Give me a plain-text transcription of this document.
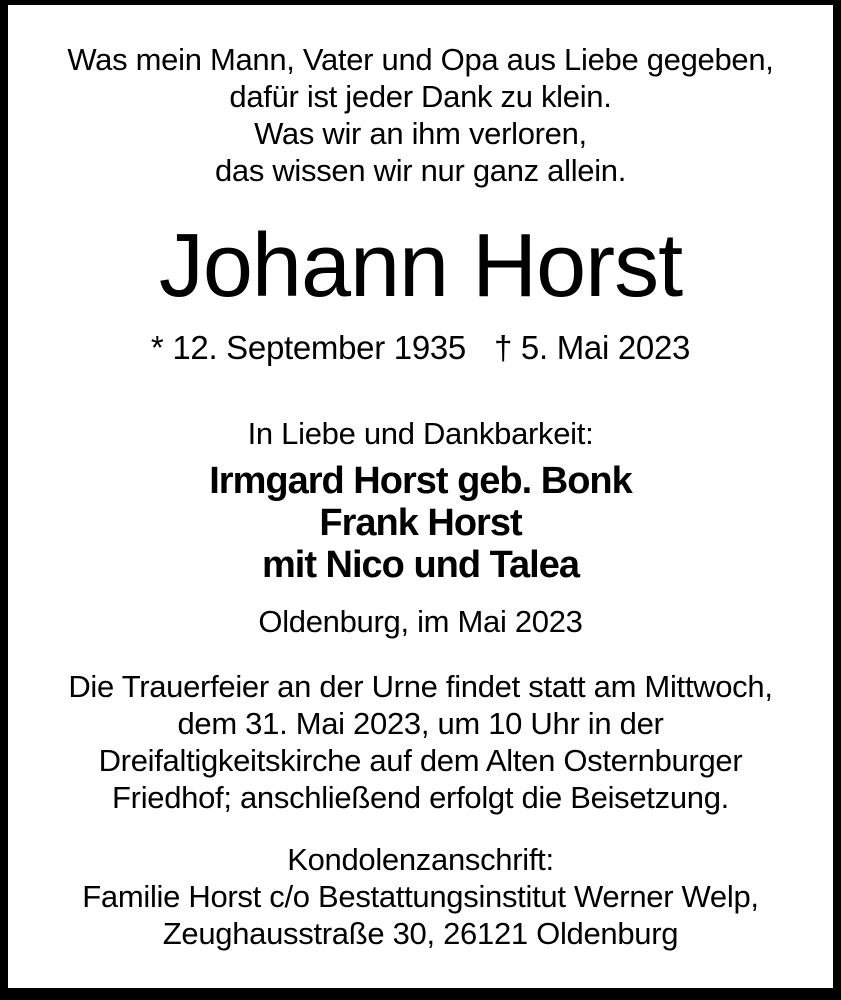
Was mein Mann, Vater und Opa aus Liebe gegeben,
dafür ist jeder Dank zu klein.
Was wir an ihm verloren,
das wissen wir nur ganz allein.
Johann Horst
* 12. September 1935 † 5. Mai 2023
In Liebe und Dankbarkeit:
Irmgard Horst geb. Bonk
Frank Horst
mit Nico und Talea
Oldenburg, im Mai 2023
Die Trauerfeier an der Urne findet statt am Mittwoch,
dem 31. Mai 2023, um 10 Uhr in der
Dreifaltigkeitskirche auf dem Alten Osternburger
Friedhof; anschließend erfolgt die Beisetzung.
Kondolenzanschrift:
Familie Horst c/o Bestattungsinstitut Werner Welp,
Zeughausstraße 30, 26121 Oldenburg
